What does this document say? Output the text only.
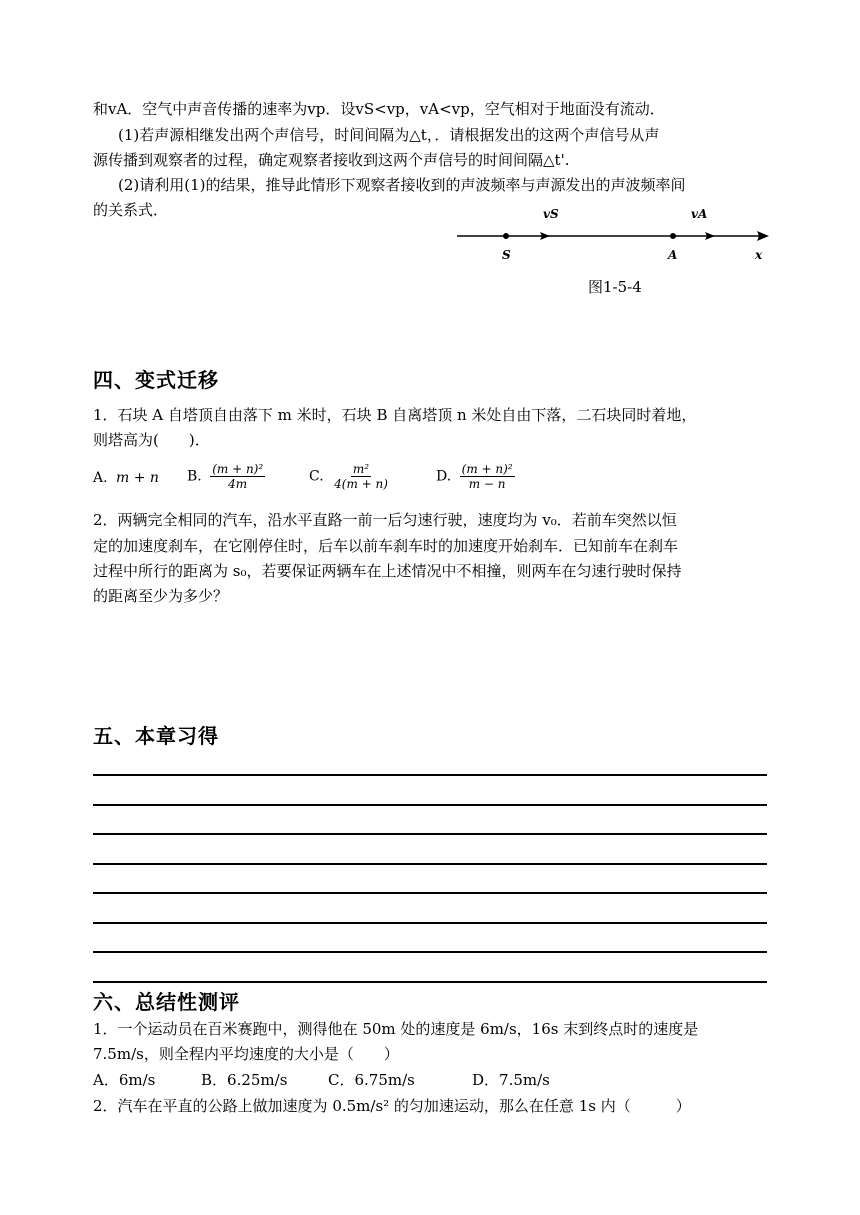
和vA．空气中声音传播的速率为vp．设vS<vp，vA<vp，空气相对于地面没有流动．
(1)若声源相继发出两个声信号，时间间隔为△t，．请根据发出的这两个声信号从声
源传播到观察者的过程，确定观察者接收到这两个声信号的时间间隔△t'.
(2)请利用(1)的结果，推导此情形下观察者接收到的声波频率与声源发出的声波频率间
的关系式．	vS	vA
S	A	x
图1-5-4
四、变式迁移
1．石块 A 自塔顶自由落下 m 米时，石块 B 自离塔顶 n 米处自由下落，二石块同时着地，
则塔高为(　　)．
A. m + n B. $\frac{\text{(m + n)²}}{4m}$	C. $\frac{\text{m²}}{4(m + n)}$	D. $\frac{\text{(m + n)²}}{m - n}$
2．两辆完全相同的汽车，沿水平直路一前一后匀速行驶，速度均为 v₀．若前车突然以恒
定的加速度刹车，在它刚停住时，后车以前车刹车时的加速度开始刹车．已知前车在刹车
过程中所行的距离为 s₀，若要保证两辆车在上述情况中不相撞，则两车在匀速行驶时保持
的距离至少为多少？
五、本章习得
六、总结性测评
1．一个运动员在百米赛跑中，测得他在 50m 处的速度是 6m/s，16s 末到终点时的速度是
7.5m/s，则全程内平均速度的大小是（　　）
A．6m/s	B．6.25m/s	C．6.75m/s	D．7.5m/s
2．汽车在平直的公路上做加速度为 0.5m/s² 的匀加速运动，那么在任意 1s 内（　　　）
